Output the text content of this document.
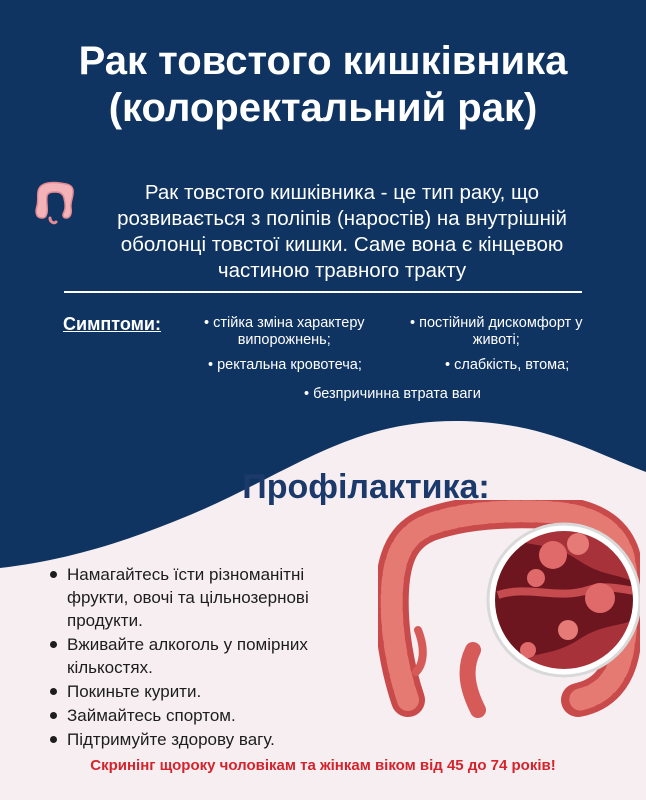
Рак товстого кишківника
(колоректальний рак)
Рак товстого кишківника - це тип раку, що
розвивається з поліпів (наростів) на внутрішній
оболонці товстої кишки. Саме вона є кінцевою
частиною травного тракту
Симптоми:	• стійка зміна характеру
випорожнень;
• постійний дискомфорт у
животі;
• ректальна кровотеча;	• слабкість, втома;
• безпричинна втрата ваги
Профілактика:
Намагайтесь їсти різноманітні
фрукти, овочі та цільнозернові
продукти.
Вживайте алкоголь у помірних
кількостях.
Покиньте курити.
Займайтесь спортом.
Підтримуйте здорову вагу.
Скринінг щороку чоловікам та жінкам віком від 45 до 74 років!
